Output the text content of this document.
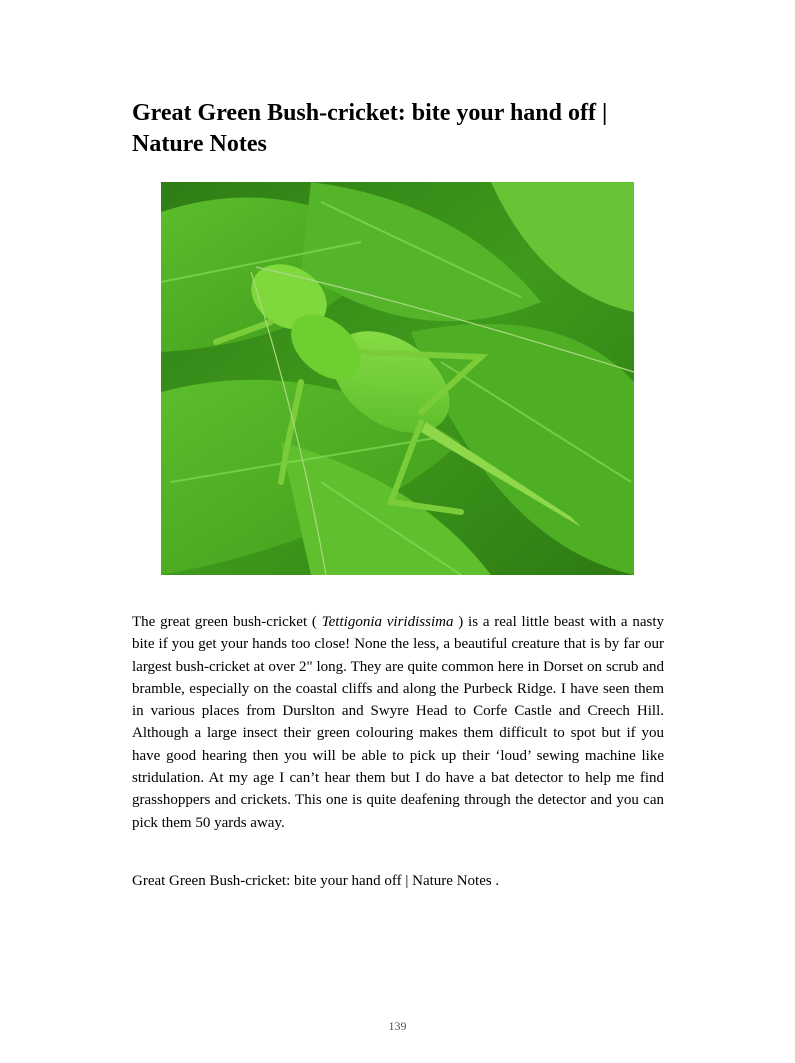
Great Green Bush-cricket: bite your hand off | Nature Notes

The great green bush-cricket ( Tettigonia viridissima ) is a real little beast with a nasty bite if you get your hands too close! None the less, a beautiful creature that is by far our largest bush-cricket at over 2" long. They are quite common here in Dorset on scrub and bramble, especially on the coastal cliffs and along the Purbeck Ridge. I have seen them in various places from Durslton and Swyre Head to Corfe Castle and Creech Hill. Although a large insect their green colouring makes them difficult to spot but if you have good hearing then you will be able to pick up their ‘loud’ sewing machine like stridulation. At my age I can’t hear them but I do have a bat detector to help me find grasshoppers and crickets. This one is quite deafening through the detector and you can pick them 50 yards away.

Great Green Bush-cricket: bite your hand off | Nature Notes .

139
